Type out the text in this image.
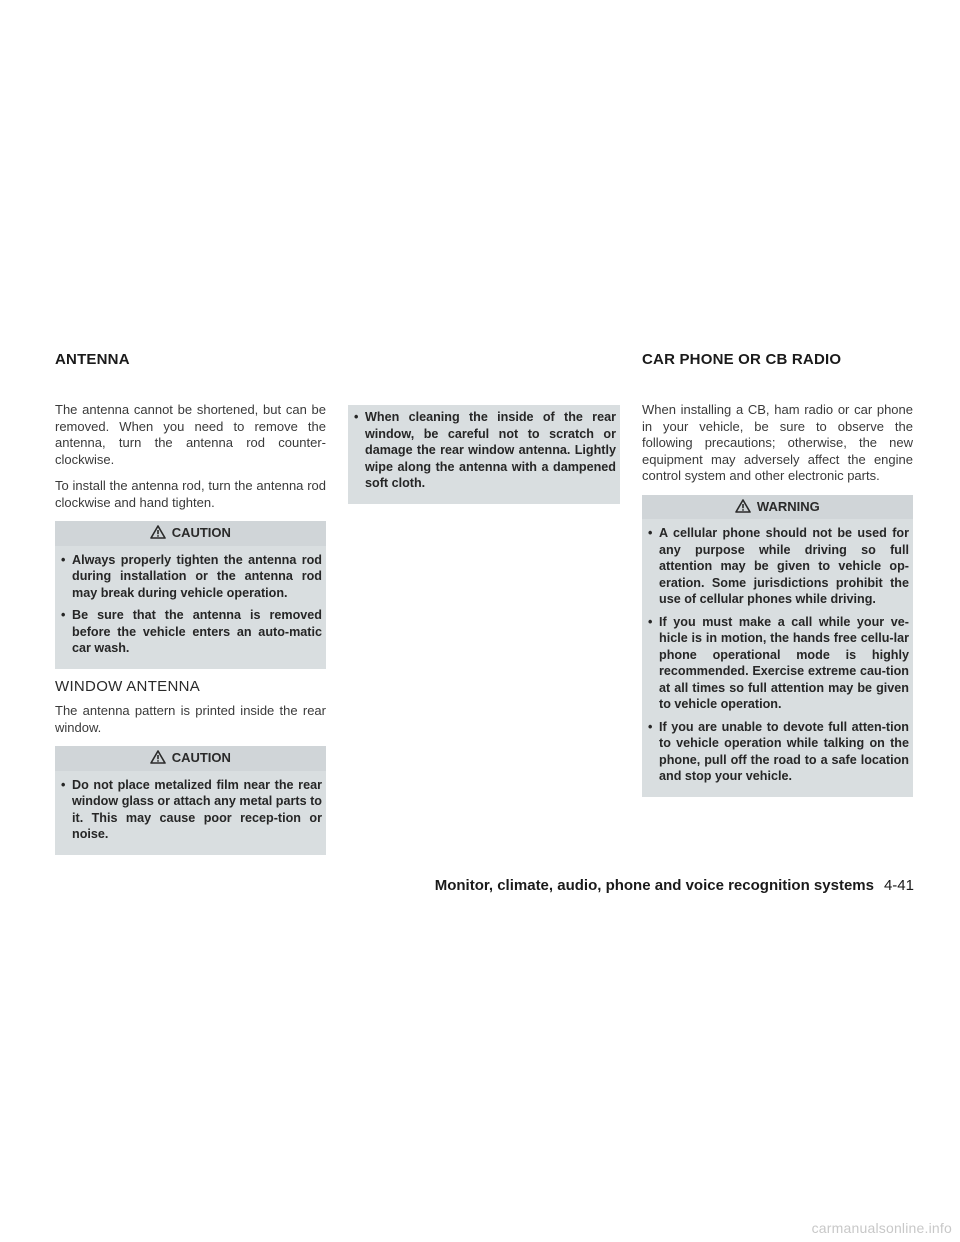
ANTENNA

The antenna cannot be shortened, but can be removed. When you need to remove the antenna, turn the antenna rod counter-clockwise.

To install the antenna rod, turn the antenna rod clockwise and hand tighten.

CAUTION
• Always properly tighten the antenna rod during installation or the antenna rod may break during vehicle operation.
• Be sure that the antenna is removed before the vehicle enters an auto-matic car wash.
WINDOW ANTENNA

The antenna pattern is printed inside the rear window.

CAUTION
• Do not place metalized film near the rear window glass or attach any metal parts to it. This may cause poor recep-tion or noise.
• When cleaning the inside of the rear window, be careful not to scratch or damage the rear window antenna. Lightly wipe along the antenna with a dampened soft cloth.
CAR PHONE OR CB RADIO

When installing a CB, ham radio or car phone in your vehicle, be sure to observe the following precautions; otherwise, the new equipment may adversely affect the engine control system and other electronic parts.

WARNING
• A cellular phone should not be used for any purpose while driving so full attention may be given to vehicle op-eration. Some jurisdictions prohibit the use of cellular phones while driving.
• If you must make a call while your ve-hicle is in motion, the hands free cellu-lar phone operational mode is highly recommended. Exercise extreme cau-tion at all times so full attention may be given to vehicle operation.
• If you are unable to devote full atten-tion to vehicle operation while talking on the phone, pull off the road to a safe location and stop your vehicle.
Monitor, climate, audio, phone and voice recognition systems 4-41
carmanualsonline.info
